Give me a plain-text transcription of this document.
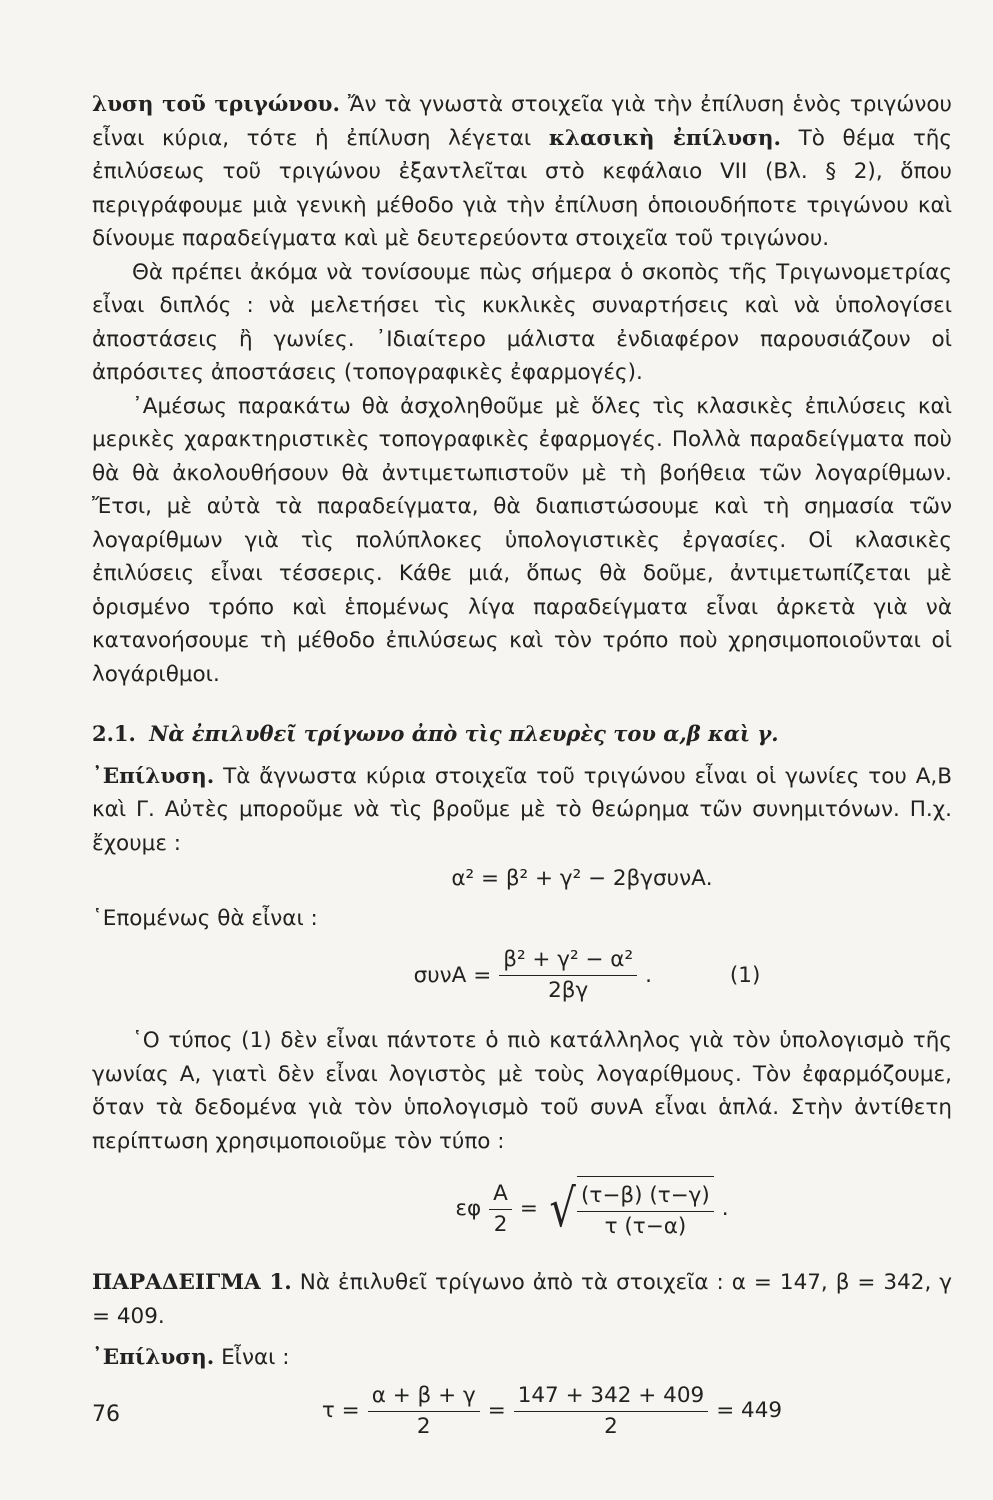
λυση τοῦ τριγώνου. Ἄν τὰ γνωστὰ στοιχεῖα γιὰ τὴν ἐπίλυση ἑνὸς τριγώνου εἶναι κύρια, τότε ἡ ἐπίλυση λέγεται κλασικὴ ἐπίλυση. Τὸ θέμα τῆς ἐπιλύσεως τοῦ τριγώνου ἐξαντλεῖται στὸ κεφάλαιο VII (Βλ. § 2), ὅπου περιγράφουμε μιὰ γενικὴ μέθοδο γιὰ τὴν ἐπίλυση ὁποιουδήποτε τριγώνου καὶ δίνουμε παραδείγματα καὶ μὲ δευτερεύοντα στοιχεῖα τοῦ τριγώνου.

Θὰ πρέπει ἀκόμα νὰ τονίσουμε πὼς σήμερα ὁ σκοπὸς τῆς Τριγωνομετρίας εἶναι διπλός : νὰ μελετήσει τὶς κυκλικὲς συναρτήσεις καὶ νὰ ὑπολογίσει ἀποστάσεις ἢ γωνίες. ᾿Ιδιαίτερο μάλιστα ἐνδιαφέρον παρουσιάζουν οἱ ἀπρόσιτες ἀποστάσεις (τοπογραφικὲς ἐφαρμογές).

᾿Αμέσως παρακάτω θὰ ἀσχοληθοῦμε μὲ ὅλες τὶς κλασικὲς ἐπιλύσεις καὶ μερικὲς χαρακτηριστικὲς τοπογραφικὲς ἐφαρμογές. Πολλὰ παραδείγματα ποὺ θὰ θὰ ἀκολουθήσουν θὰ ἀντιμετωπιστοῦν μὲ τὴ βοήθεια τῶν λογαρίθμων. Ἔτσι, μὲ αὐτὰ τὰ παραδείγματα, θὰ διαπιστώσουμε καὶ τὴ σημασία τῶν λογαρίθμων γιὰ τὶς πολύπλοκες ὑπολογιστικὲς ἐργασίες. Οἱ κλασικὲς ἐπιλύσεις εἶναι τέσσερις. Κάθε μιά, ὅπως θὰ δοῦμε, ἀντιμετωπίζεται μὲ ὁρισμένο τρόπο καὶ ἑπομένως λίγα παραδείγματα εἶναι ἀρκετὰ γιὰ νὰ κατανοήσουμε τὴ μέθοδο ἐπιλύσεως καὶ τὸν τρόπο ποὺ χρησιμοποιοῦνται οἱ λογάριθμοι.

2.1. Νὰ ἐπιλυθεῖ τρίγωνο ἀπὸ τὶς πλευρὲς του α,β καὶ γ.

᾿Επίλυση. Τὰ ἄγνωστα κύρια στοιχεῖα τοῦ τριγώνου εἶναι οἱ γωνίες του Α,Β καὶ Γ. Αὐτὲς μποροῦμε νὰ τὶς βροῦμε μὲ τὸ θεώρημα τῶν συνημιτόνων. Π.χ. ἔχουμε :

α² = β² + γ² − 2βγσυνΑ.

῾Επομένως θὰ εἶναι :

$\sigma\upsilon\nu A = \frac{\text{β² + γ² − α²}}{2\beta\gamma}$ .	(1)

῾Ο τύπος (1) δὲν εἶναι πάντοτε ὁ πιὸ κατάλληλος γιὰ τὸν ὑπολογισμὸ τῆς γωνίας Α, γιατὶ δὲν εἶναι λογιστὸς μὲ τοὺς λογαρίθμους. Τὸν ἐφαρμόζουμε, ὅταν τὰ δεδομένα γιὰ τὸν ὑπολογισμὸ τοῦ συνΑ εἶναι ἁπλά. Στὴν ἀντίθετη περίπτωση χρησιμοποιοῦμε τὸν τύπο :

εφ $\frac{A}{2}$ = √ $\frac{(\tau-\beta) (\tau-\gamma)}{\tau (\tau-\alpha)}$ .

ΠΑΡΑΔΕΙΓΜΑ 1. Νὰ ἐπιλυθεῖ τρίγωνο ἀπὸ τὰ στοιχεῖα : α = 147, β = 342, γ = 409.

᾿Επίλυση. Εἶναι :

$\tau = \frac{\alpha + \beta + \gamma}{2} = \frac{147 + 342 + 409}{2} = 449$
76
